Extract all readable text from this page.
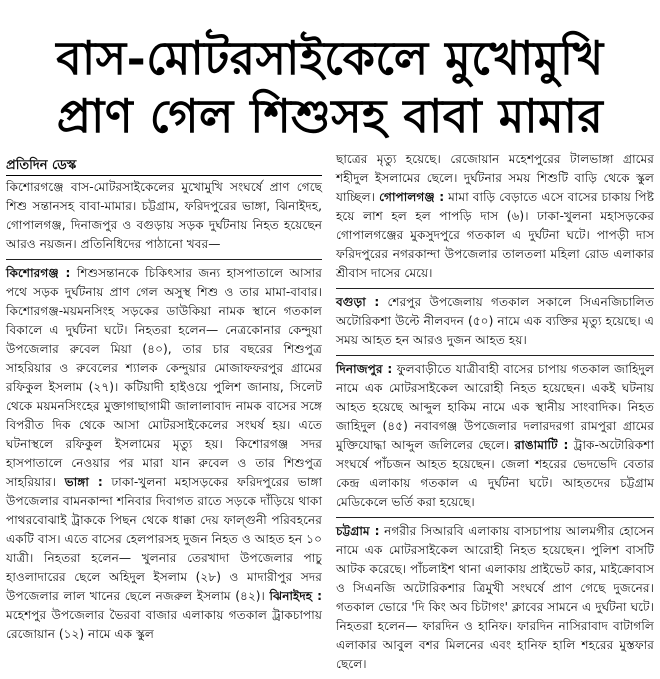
বাস-মোটরসাইকেলে মুখোমুখি
প্রাণ গেল শিশুসহ বাবা মামার
প্রতিদিন ডেস্ক

কিশোরগঞ্জে বাস-মোটরসাইকেলের মুখোমুখি সংঘর্ষে প্রাণ গেছে শিশু সন্তানসহ বাবা-মামার। চট্টগ্রাম, ফরিদপুরের ভাঙ্গা, ঝিনাইদহ, গোপালগঞ্জ, দিনাজপুর ও বগুড়ায় সড়ক দুর্ঘটনায় নিহত হয়েছেন আরও নয়জন। প্রতিনিধিদের পাঠানো খবর—

কিশোরগঞ্জ : শিশুসন্তানকে চিকিৎসার জন্য হাসপাতালে আসার পথে সড়ক দুর্ঘটনায় প্রাণ গেল অসুস্থ শিশু ও তার মামা-বাবার। কিশোরগঞ্জ-ময়মনসিংহ সড়কের ডাউকিয়া নামক স্থানে গতকাল বিকালে এ দুর্ঘটনা ঘটে। নিহতরা হলেন— নেত্রকোনার কেন্দুয়া উপজেলার রুবেল মিয়া (৪০), তার চার বছরের শিশুপুত্র সাহরিয়ার ও রুবেলের শ্যালক কেন্দুয়ার মোজাফফরপুর গ্রামের রফিকুল ইসলাম (২৭)। কটিয়াদী হাইওয়ে পুলিশ জানায়, সিলেট থেকে ময়মনসিংহের মুক্তাগাছাগামী জালালাবাদ নামক বাসের সঙ্গে বিপরীত দিক থেকে আসা মোটরসাইকেলের সংঘর্ষ হয়। এতে ঘটনাস্থলে রফিকুল ইসলামের মৃত্যু হয়। কিশোরগঞ্জ সদর হাসপাতালে নেওয়ার পর মারা যান রুবেল ও তার শিশুপুত্র সাহরিয়ার। ভাঙ্গা : ঢাকা-খুলনা মহাসড়কের ফরিদপুরের ভাঙ্গা উপজেলার বামনকান্দা শনিবার দিবাগত রাতে সড়কে দাঁড়িয়ে থাকা পাথরবোঝাই ট্রাককে পিছন থেকে ধাক্কা দেয় ফাল্গুনী পরিবহনের একটি বাস। এতে বাসের হেলপারসহ দুজন নিহত ও আহত হন ১০ যাত্রী। নিহতরা হলেন— খুলনার তেরখাদা উপজেলার পাচু হাওলাদারের ছেলে অহিদুল ইসলাম (২৮) ও মাদারীপুর সদর উপজেলার লাল খানের ছেলে নজরুল ইসলাম (৪২)। ঝিনাইদহ : মহেশপুর উপজেলার ভৈরবা বাজার এলাকায় গতকাল ট্রাকচাপায় রেজোয়ান (১২) নামে এক স্কুল

ছাত্রের মৃত্যু হয়েছে। রেজোয়ান মহেশপুরের টালভাঙ্গা গ্রামের শহীদুল ইসলামের ছেলে। দুর্ঘটনার সময় শিশুটি বাড়ি থেকে স্কুল যাচ্ছিল। গোপালগঞ্জ : মামা বাড়ি বেড়াতে এসে বাসের চাকায় পিষ্ট হয়ে লাশ হল হল পাপড়ি দাস (৬)। ঢাকা-খুলনা মহাসড়কের গোপালগঞ্জের মুকসুদপুরে গতকাল এ দুর্ঘটনা ঘটে। পাপড়ী দাস ফরিদপুরের নগরকান্দা উপজেলার তালতলা মহিলা রোড এলাকার শ্রীবাস দাসের মেয়ে।

বগুড়া : শেরপুর উপজেলায় গতকাল সকালে সিএনজিচালিত অটোরিকশা উল্টে নীলবদন (৫০) নামে এক ব্যক্তির মৃত্যু হয়েছে। এ সময় আহত হন আরও দুজন আহত হয়।

দিনাজপুর : ফুলবাড়ীতে যাত্রীবাহী বাসের চাপায় গতকাল জাহিদুল নামে এক মোটরসাইকেল আরোহী নিহত হয়েছেন। একই ঘটনায় আহত হয়েছে আব্দুল হাকিম নামে এক স্থানীয় সাংবাদিক। নিহত জাহিদুল (৪৫) নবাবগঞ্জ উপজেলার দলারদরগা রামপুরা গ্রামের মুক্তিযোদ্ধা আব্দুল জলিলের ছেলে। রাঙামাটি : ট্রাক-অটোরিকশা সংঘর্ষে পাঁচজন আহত হয়েছেন। জেলা শহরের ভেদভেদি বেতার কেন্দ্র এলাকায় গতকাল এ দুর্ঘটনা ঘটে। আহতদের চট্টগ্রাম মেডিকেলে ভর্তি করা হয়েছে।

চট্টগ্রাম : নগরীর সিআরবি এলাকায় বাসচাপায় আলমগীর হোসেন নামে এক মোটরসাইকেল আরোহী নিহত হয়েছেন। পুলিশ বাসটি আটক করেছে। পাঁচলাইশ থানা এলাকায় প্রাইভেট কার, মাইক্রোবাস ও সিএনজি অটোরিকশার ত্রিমুখী সংঘর্ষে প্রাণ গেছে দুজনের। গতকাল ভোরে 'দি কিং অব চিটাগং' ক্লাবের সামনে এ দুর্ঘটনা ঘটে। নিহতরা হলেন— ফারদিন ও হানিফ। ফারদিন নাসিরাবাদ বাটাগলি এলাকার আবুল বশর মিলনের এবং হানিফ হালি শহরের মুস্তফার ছেলে।
